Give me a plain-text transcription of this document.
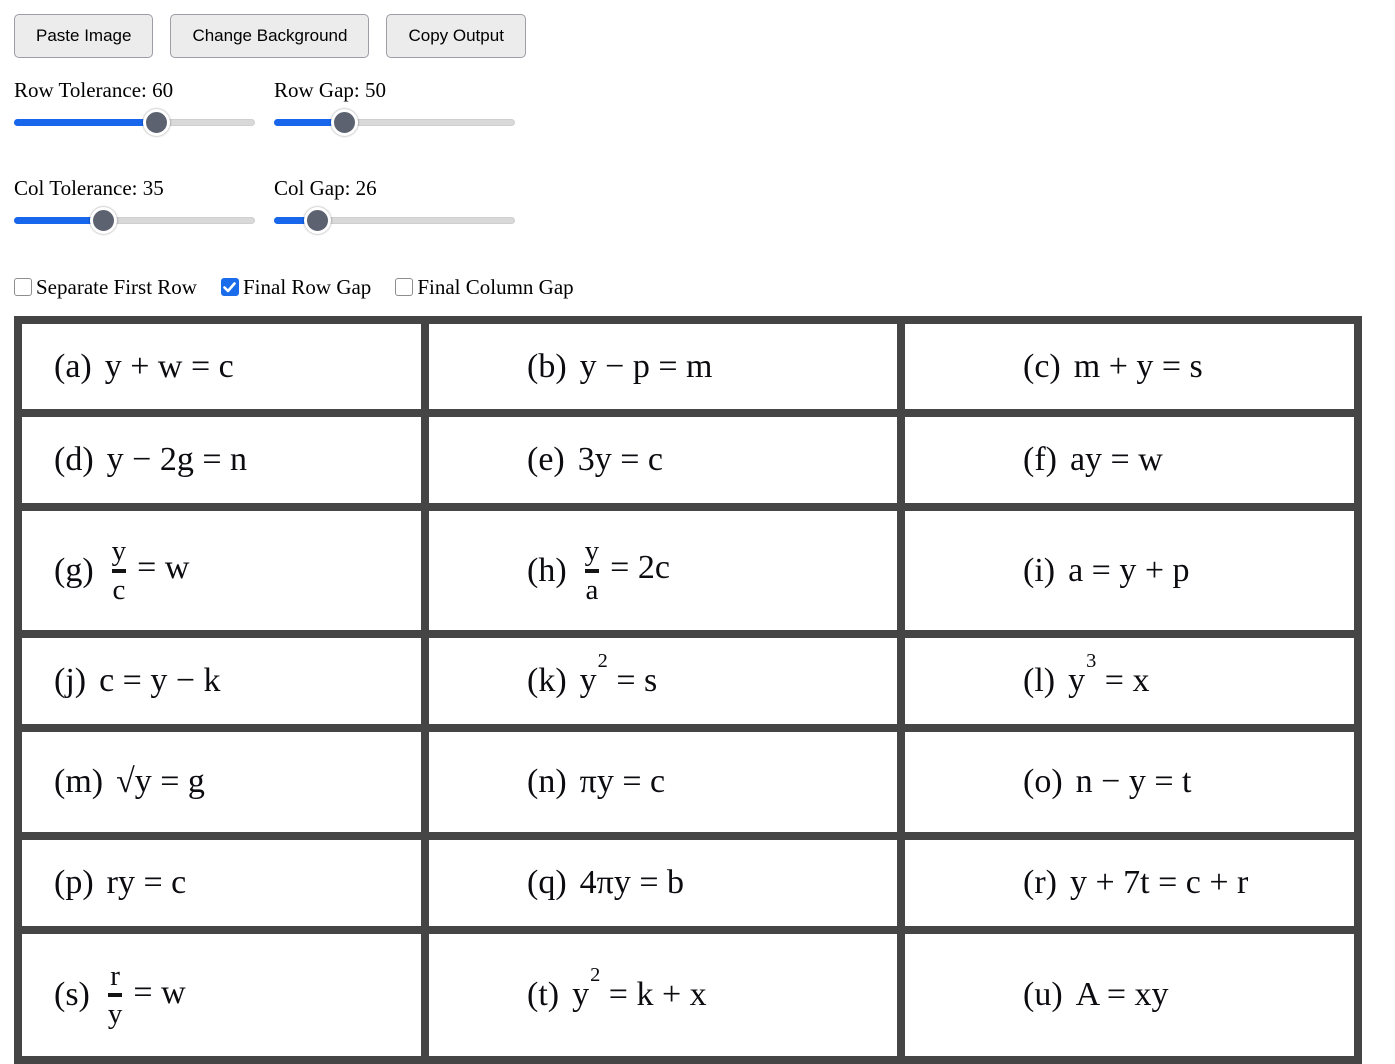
Paste Image	Change Background	Copy Output
Row Tolerance: 60	Row Gap: 50
Col Tolerance: 35	Col Gap: 26
Separate First Row Final Row Gap Final Column Gap
(a) y + w = c	(b) y − p = m	(c) m + y = s
(d) y − 2g = n	(e) 3y = c	(f) ay = w
$(g) \frac{y}{c} = w$	$(h) \frac{y}{a} = 2c$	(i) a = y + p
(j) c = y − k	(k) $y^2 = s$	(l) $y^3 = x$
(m) √y = g	(n) πy = c	(o) n − y = t
(p) ry = c	(q) 4πy = b	(r) y + 7t = c + r
$(s) \frac{r}{y} = w$	(t) $y^2 = k + x$	(u) A = xy
